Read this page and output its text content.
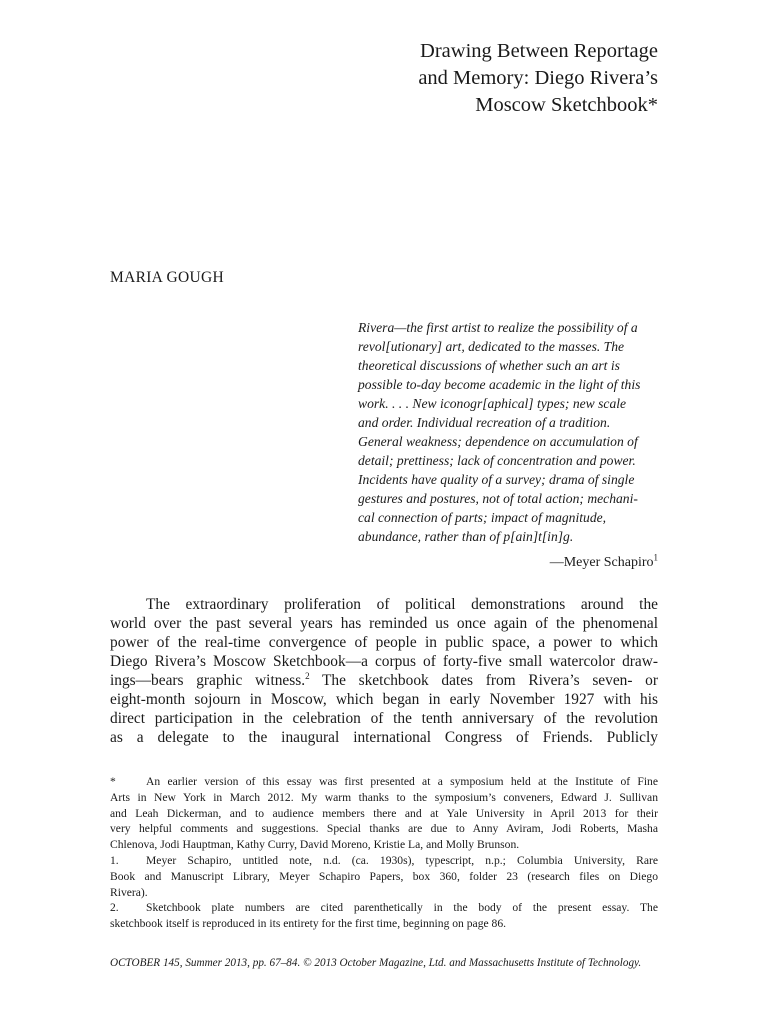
Drawing Between Reportage
and Memory: Diego Rivera’s
Moscow Sketchbook*
MARIA GOUGH
Rivera—the first artist to realize the possibility of a
revol[utionary] art, dedicated to the masses. The
theoretical discussions of whether such an art is
possible to-day become academic in the light of this
work. . . . New iconogr[aphical] types; new scale
and order. Individual recreation of a tradition.
General weakness; dependence on accumulation of
detail; prettiness; lack of concentration and power.
Incidents have quality of a survey; drama of single
gestures and postures, not of total action; mechani-
cal connection of parts; impact of magnitude,
abundance, rather than of p[ain]t[in]g.

—Meyer Schapiro$^1$

The extraordinary proliferation of political demonstrations around the
world over the past several years has reminded us once again of the phenomenal
power of the real-time convergence of people in public space, a power to which
Diego Rivera’s Moscow Sketchbook—a corpus of forty-five small watercolor draw-
ings—bears graphic witness.$^2$ The sketchbook dates from Rivera’s seven- or
eight-month sojourn in Moscow, which began in early November 1927 with his
direct participation in the celebration of the tenth anniversary of the revolution
as a delegate to the inaugural international Congress of Friends. Publicly
*	An earlier version of this essay was first presented at a symposium held at the Institute of Fine
Arts in New York in March 2012. My warm thanks to the symposium’s conveners, Edward J. Sullivan
and Leah Dickerman, and to audience members there and at Yale University in April 2013 for their
very helpful comments and suggestions. Special thanks are due to Anny Aviram, Jodi Roberts, Masha
Chlenova, Jodi Hauptman, Kathy Curry, David Moreno, Kristie La, and Molly Brunson.
1. Meyer Schapiro, untitled note, n.d. (ca. 1930s), typescript, n.p.; Columbia University, Rare
Book and Manuscript Library, Meyer Schapiro Papers, box 360, folder 23 (research files on Diego
Rivera).
2. Sketchbook plate numbers are cited parenthetically in the body of the present essay. The
sketchbook itself is reproduced in its entirety for the first time, beginning on page 86.

OCTOBER 145, Summer 2013, pp. 67–84. © 2013 October Magazine, Ltd. and Massachusetts Institute of Technology.
